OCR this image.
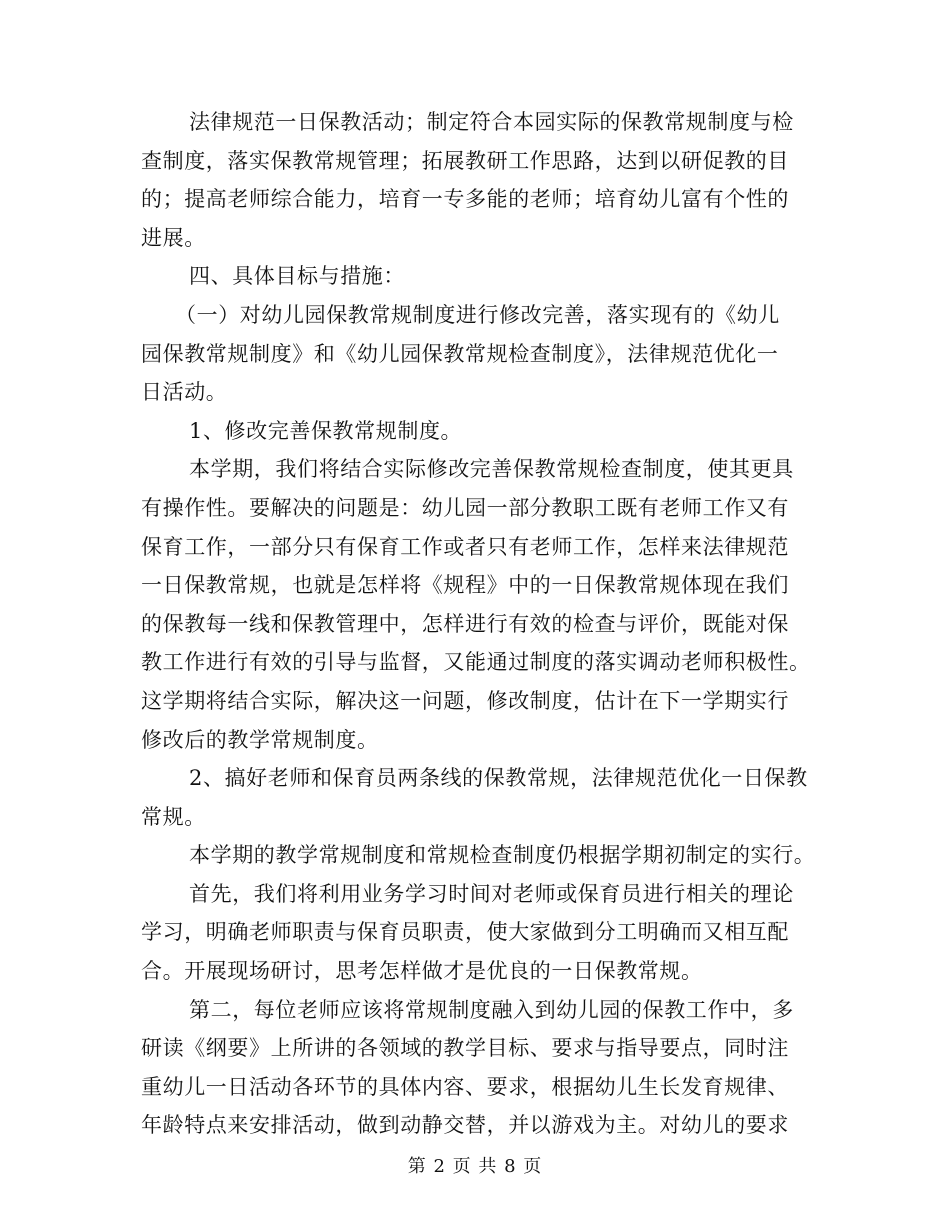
法律规范一日保教活动；制定符合本园实际的保教常规制度与检
查制度，落实保教常规管理；拓展教研工作思路，达到以研促教的目
的；提高老师综合能力，培育一专多能的老师；培育幼儿富有个性的
进展。
四、具体目标与措施：
（一）对幼儿园保教常规制度进行修改完善，落实现有的《幼儿
园保教常规制度》和《幼儿园保教常规检查制度》，法律规范优化一
日活动。
1、修改完善保教常规制度。
本学期，我们将结合实际修改完善保教常规检查制度，使其更具
有操作性。要解决的问题是：幼儿园一部分教职工既有老师工作又有
保育工作，一部分只有保育工作或者只有老师工作，怎样来法律规范
一日保教常规，也就是怎样将《规程》中的一日保教常规体现在我们
的保教每一线和保教管理中，怎样进行有效的检查与评价，既能对保
教工作进行有效的引导与监督，又能通过制度的落实调动老师积极性。
这学期将结合实际，解决这一问题，修改制度，估计在下一学期实行
修改后的教学常规制度。
2、搞好老师和保育员两条线的保教常规，法律规范优化一日保教
常规。
本学期的教学常规制度和常规检查制度仍根据学期初制定的实行。
首先，我们将利用业务学习时间对老师或保育员进行相关的理论
学习，明确老师职责与保育员职责，使大家做到分工明确而又相互配
合。开展现场研讨，思考怎样做才是优良的一日保教常规。
第二，每位老师应该将常规制度融入到幼儿园的保教工作中，多
研读《纲要》上所讲的各领域的教学目标、要求与指导要点，同时注
重幼儿一日活动各环节的具体内容、要求，根据幼儿生长发育规律、
年龄特点来安排活动，做到动静交替，并以游戏为主。对幼儿的要求
第 2 页 共 8 页
